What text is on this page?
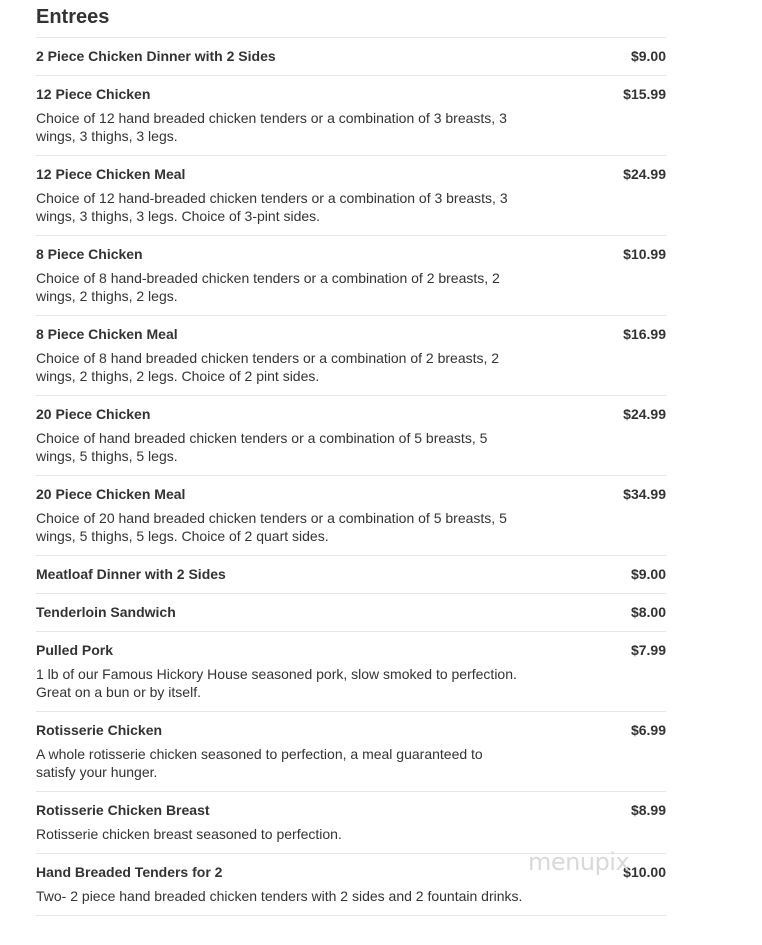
Entrees
2 Piece Chicken Dinner with 2 Sides	$9.00
12 Piece Chicken	$15.99
Choice of 12 hand breaded chicken tenders or a combination of 3 breasts, 3 wings, 3 thighs, 3 legs.
12 Piece Chicken Meal	$24.99
Choice of 12 hand-breaded chicken tenders or a combination of 3 breasts, 3 wings, 3 thighs, 3 legs. Choice of 3-pint sides.
8 Piece Chicken	$10.99
Choice of 8 hand-breaded chicken tenders or a combination of 2 breasts, 2 wings, 2 thighs, 2 legs.
8 Piece Chicken Meal	$16.99
Choice of 8 hand breaded chicken tenders or a combination of 2 breasts, 2 wings, 2 thighs, 2 legs. Choice of 2 pint sides.
20 Piece Chicken	$24.99
Choice of hand breaded chicken tenders or a combination of 5 breasts, 5 wings, 5 thighs, 5 legs.
20 Piece Chicken Meal	$34.99
Choice of 20 hand breaded chicken tenders or a combination of 5 breasts, 5 wings, 5 thighs, 5 legs. Choice of 2 quart sides.
Meatloaf Dinner with 2 Sides	$9.00
Tenderloin Sandwich	$8.00
Pulled Pork	$7.99
1 lb of our Famous Hickory House seasoned pork, slow smoked to perfection. Great on a bun or by itself.
Rotisserie Chicken	$6.99
A whole rotisserie chicken seasoned to perfection, a meal guaranteed to satisfy your hunger.
Rotisserie Chicken Breast	$8.99
Rotisserie chicken breast seasoned to perfection.
Hand Breaded Tenders for 2	$10.00
Two- 2 piece hand breaded chicken tenders with 2 sides and 2 fountain drinks.
menupix
